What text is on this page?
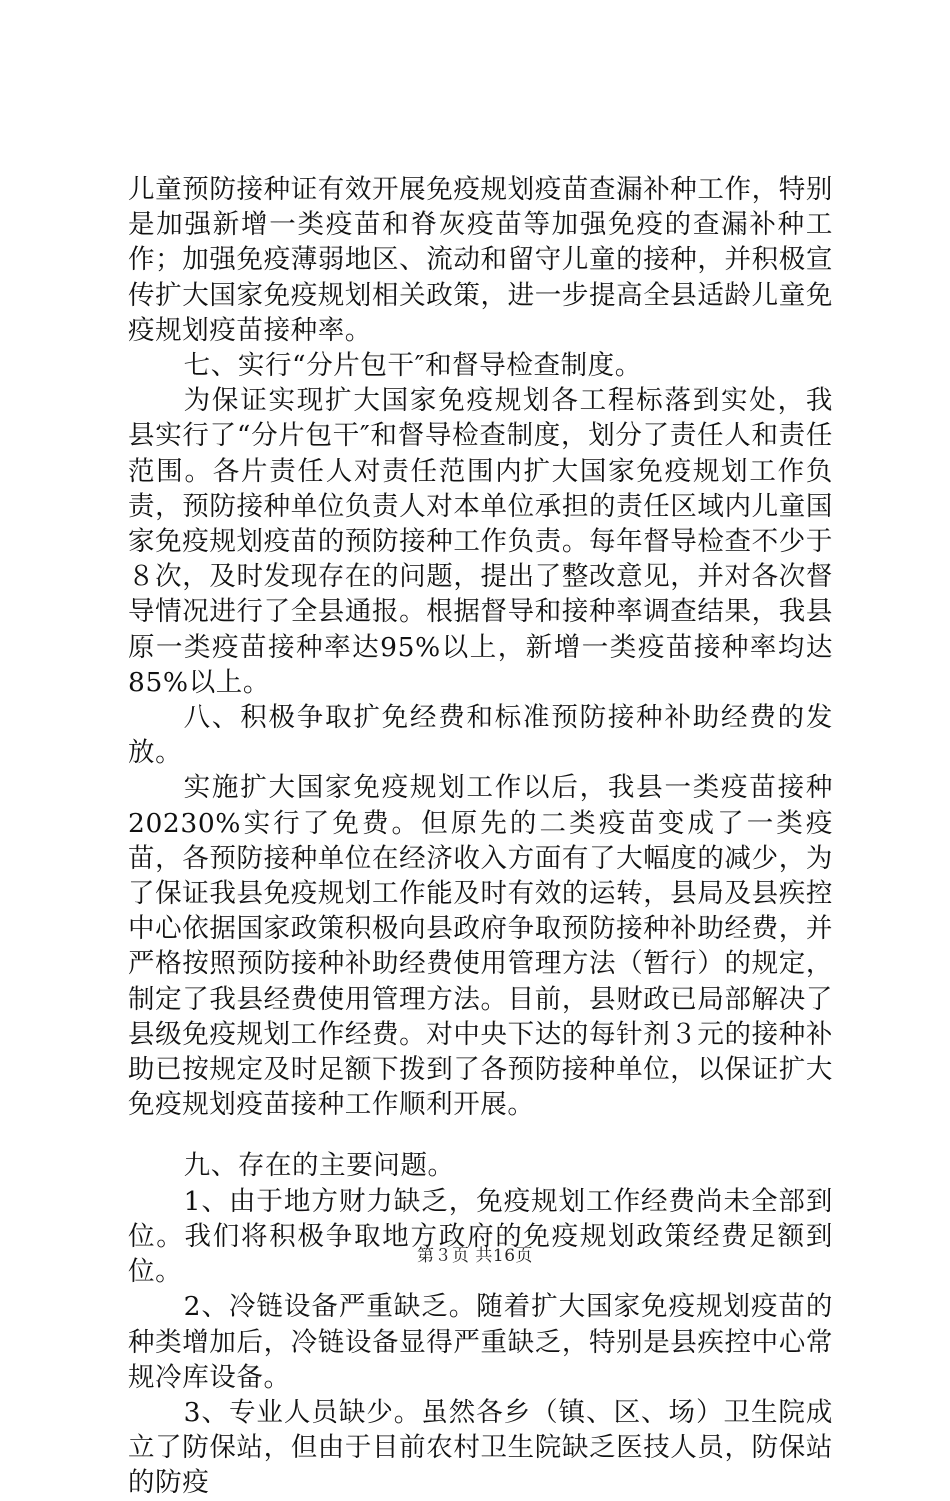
儿童预防接种证有效开展免疫规划疫苗查漏补种工作，特别是加强新增一类疫苗和脊灰疫苗等加强免疫的查漏补种工作；加强免疫薄弱地区、流动和留守儿童的接种，并积极宣传扩大国家免疫规划相关政策，进一步提高全县适龄儿童免疫规划疫苗接种率。

七、实行“分片包干″和督导检查制度。

为保证实现扩大国家免疫规划各工程标落到实处，我县实行了“分片包干″和督导检查制度，划分了责任人和责任范围。各片责任人对责任范围内扩大国家免疫规划工作负责，预防接种单位负责人对本单位承担的责任区域内儿童国家免疫规划疫苗的预防接种工作负责。每年督导检查不少于８次，及时发现存在的问题，提出了整改意见，并对各次督导情况进行了全县通报。根据督导和接种率调查结果，我县原一类疫苗接种率达95%以上，新增一类疫苗接种率均达85%以上。

八、积极争取扩免经费和标准预防接种补助经费的发放。

实施扩大国家免疫规划工作以后，我县一类疫苗接种20230%实行了免费。但原先的二类疫苗变成了一类疫苗，各预防接种单位在经济收入方面有了大幅度的减少，为了保证我县免疫规划工作能及时有效的运转，县局及县疾控中心依据国家政策积极向县政府争取预防接种补助经费，并严格按照预防接种补助经费使用管理方法（暂行）的规定，制定了我县经费使用管理方法。目前，县财政已局部解决了县级免疫规划工作经费。对中央下达的每针剂３元的接种补助已按规定及时足额下拨到了各预防接种单位，以保证扩大免疫规划疫苗接种工作顺利开展。

九、存在的主要问题。

1、由于地方财力缺乏，免疫规划工作经费尚未全部到位。我们将积极争取地方政府的免疫规划政策经费足额到位。

2、冷链设备严重缺乏。随着扩大国家免疫规划疫苗的种类增加后，冷链设备显得严重缺乏，特别是县疾控中心常规冷库设备。

3、专业人员缺少。虽然各乡（镇、区、场）卫生院成立了防保站，但由于目前农村卫生院缺乏医技人员，防保站的防疫

第３页 共16页
